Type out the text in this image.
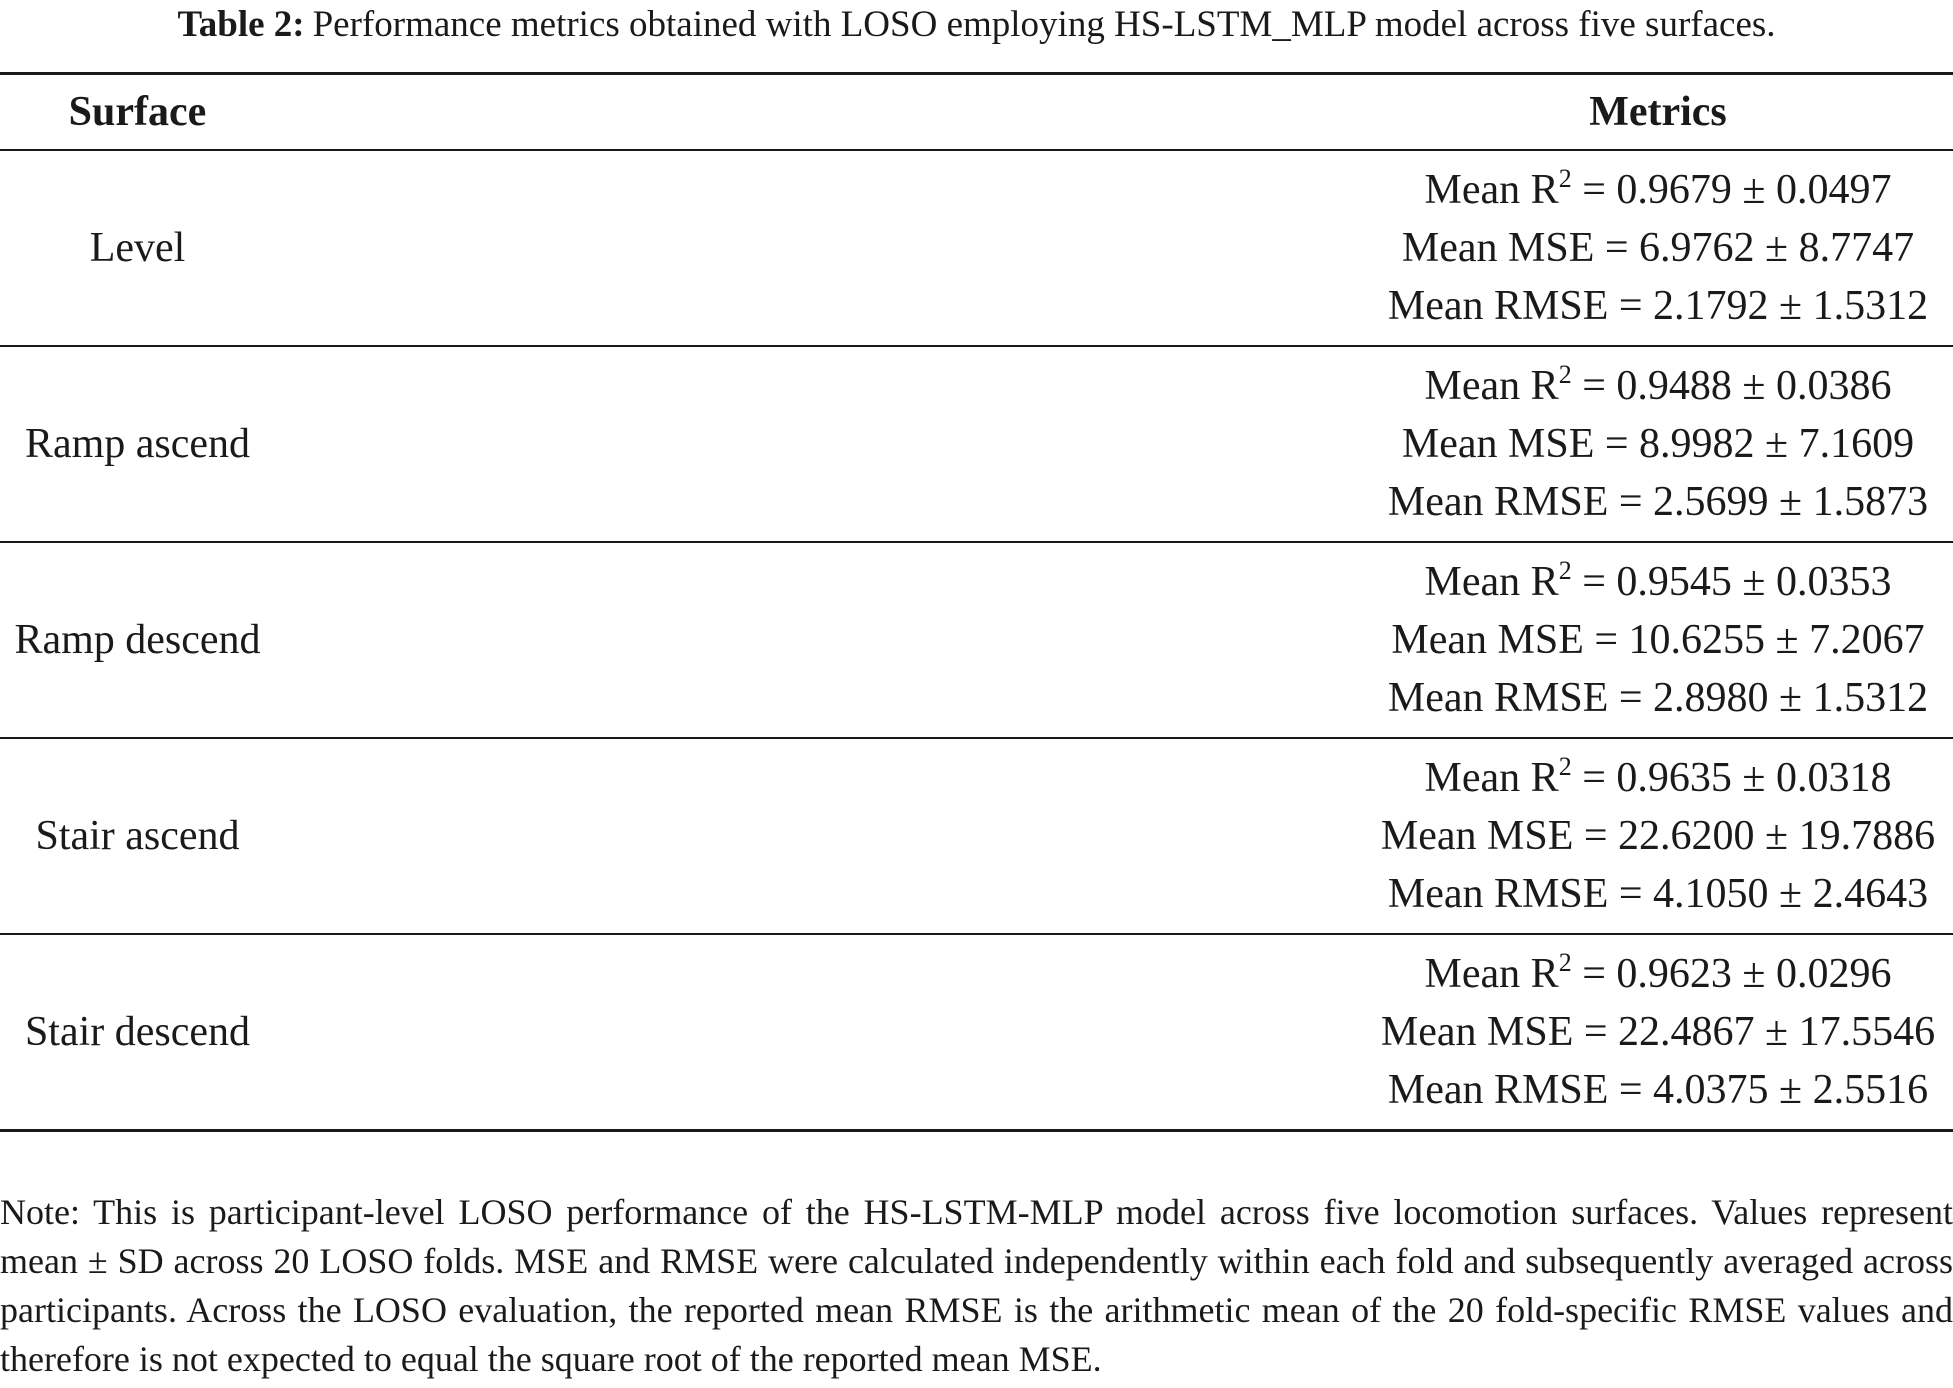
Table 2: Performance metrics obtained with LOSO employing HS-LSTM_MLP model across five surfaces.
Surface		Metrics
Level		Mean $R^2 = 0.9679 \pm 0.0497$
Mean MSE = 6.9762 ± 8.7747
Mean RMSE = 2.1792 ± 1.5312

Ramp ascend		Mean $R^2 = 0.9488 \pm 0.0386$
Mean MSE = 8.9982 ± 7.1609
Mean RMSE = 2.5699 ± 1.5873

Ramp descend		Mean $R^2 = 0.9545 \pm 0.0353$
Mean MSE = 10.6255 ± 7.2067
Mean RMSE = 2.8980 ± 1.5312

Stair ascend		Mean $R^2 = 0.9635 \pm 0.0318$
Mean MSE = 22.6200 ± 19.7886
Mean RMSE = 4.1050 ± 2.4643

Stair descend		Mean $R^2 = 0.9623 \pm 0.0296$
Mean MSE = 22.4867 ± 17.5546
Mean RMSE = 4.0375 ± 2.5516

Note: This is participant-level LOSO performance of the HS-LSTM-MLP model across five locomotion surfaces. Values represent mean ± SD across 20 LOSO folds. MSE and RMSE were calculated independently within each fold and subsequently averaged across participants. Across the LOSO evaluation, the reported mean RMSE is the arithmetic mean of the 20 fold-specific RMSE values and therefore is not expected to equal the square root of the reported mean MSE.
